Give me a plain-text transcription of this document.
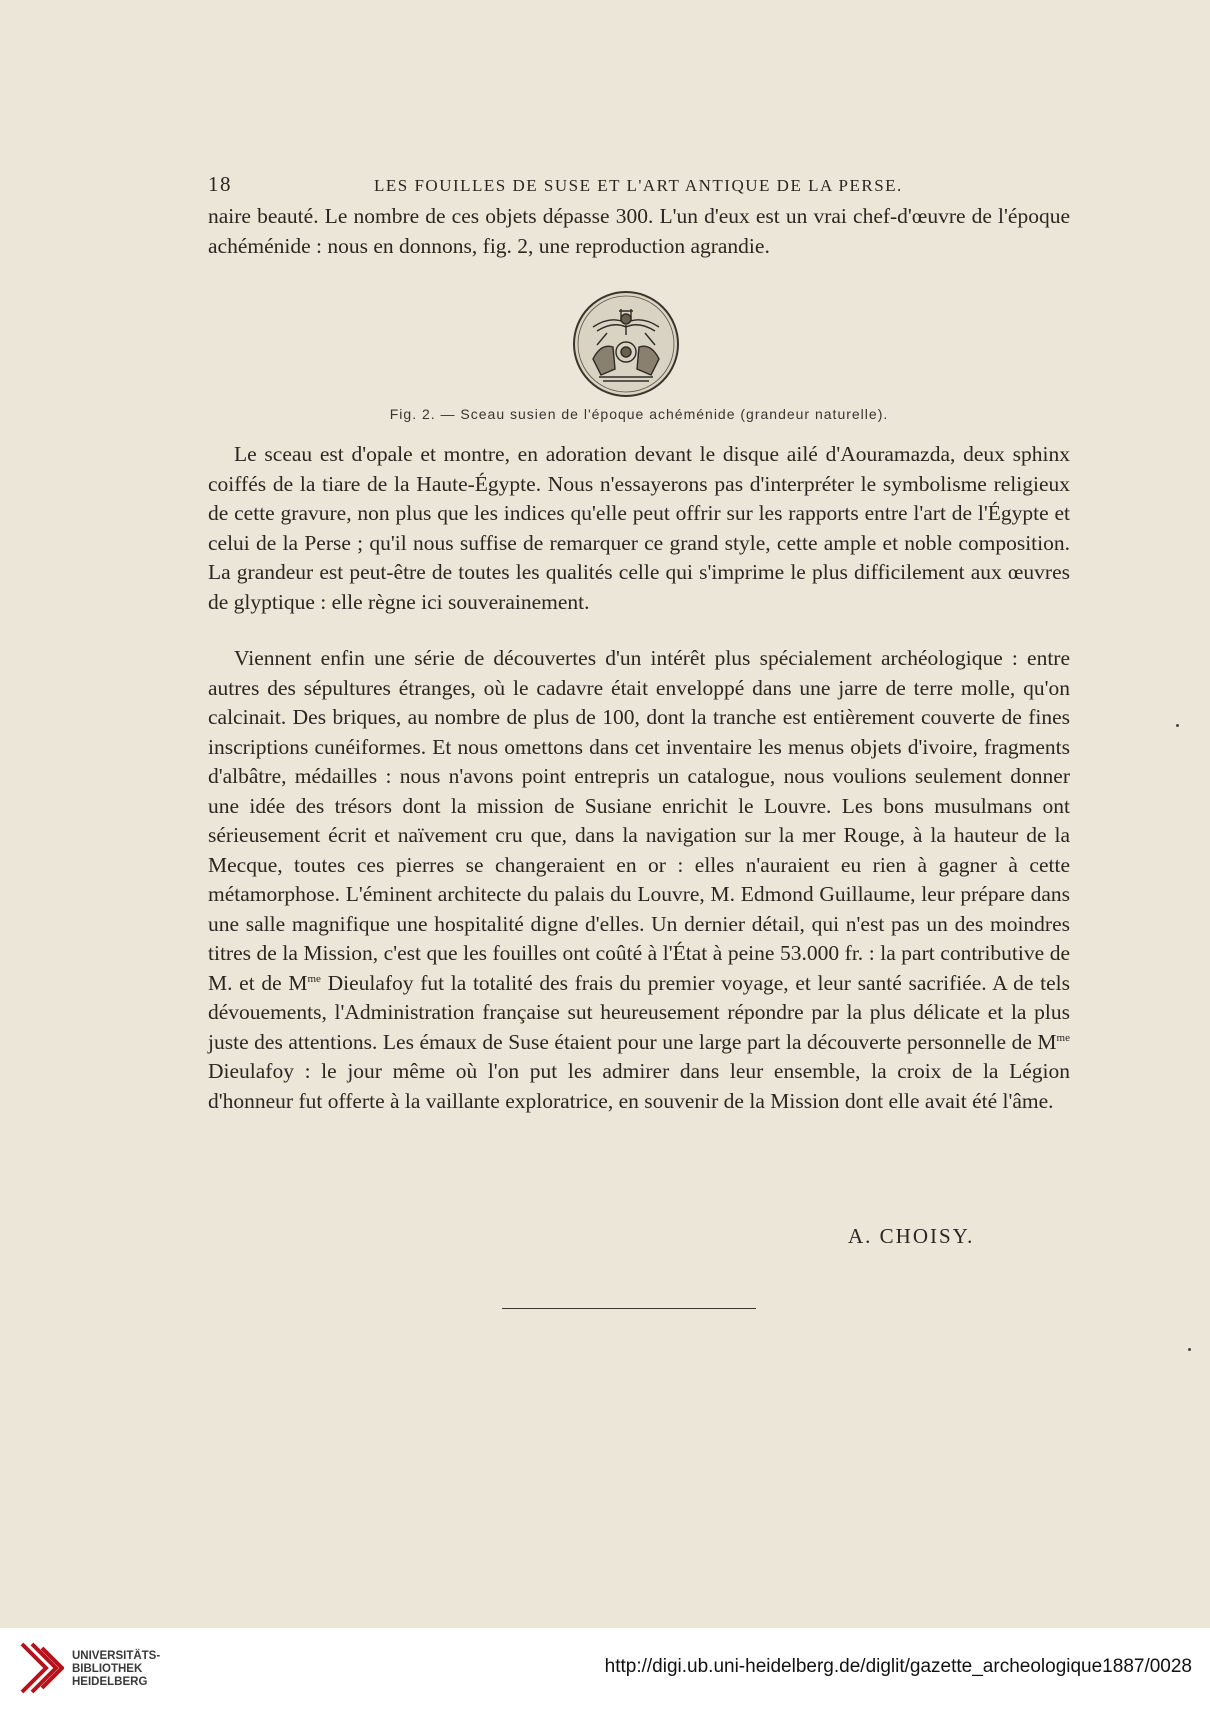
18	LES FOUILLES DE SUSE ET L'ART ANTIQUE DE LA PERSE.

naire beauté. Le nombre de ces objets dépasse 300. L'un d'eux est un vrai chef-d'œuvre de l'époque achéménide : nous en donnons, fig. 2, une reproduction agrandie.

Fig. 2. — Sceau susien de l'époque achéménide (grandeur naturelle).

Le sceau est d'opale et montre, en adoration devant le disque ailé d'Aouramazda, deux sphinx coiffés de la tiare de la Haute-Égypte. Nous n'essayerons pas d'interpréter le symbolisme religieux de cette gravure, non plus que les indices qu'elle peut offrir sur les rapports entre l'art de l'Égypte et celui de la Perse ; qu'il nous suffise de remarquer ce grand style, cette ample et noble composition. La grandeur est peut-être de toutes les qualités celle qui s'imprime le plus difficilement aux œuvres de glyptique : elle règne ici souverainement.

Viennent enfin une série de découvertes d'un intérêt plus spécialement archéologique : entre autres des sépultures étranges, où le cadavre était enveloppé dans une jarre de terre molle, qu'on calcinait. Des briques, au nombre de plus de 100, dont la tranche est entièrement couverte de fines inscriptions cunéiformes. Et nous omettons dans cet inventaire les menus objets d'ivoire, fragments d'albâtre, médailles : nous n'avons point entrepris un catalogue, nous voulions seulement donner une idée des trésors dont la mission de Susiane enrichit le Louvre. Les bons musulmans ont sérieusement écrit et naïvement cru que, dans la navigation sur la mer Rouge, à la hauteur de la Mecque, toutes ces pierres se changeraient en or : elles n'auraient eu rien à gagner à cette métamorphose. L'éminent architecte du palais du Louvre, M. Edmond Guillaume, leur prépare dans une salle magnifique une hospitalité digne d'elles. Un dernier détail, qui n'est pas un des moindres titres de la Mission, c'est que les fouilles ont coûté à l'État à peine 53.000 fr. : la part contributive de M. et de $M^{me}$ Dieulafoy fut la totalité des frais du premier voyage, et leur santé sacrifiée. A de tels dévouements, l'Administration française sut heureusement répondre par la plus délicate et la plus juste des attentions. Les émaux de Suse étaient pour une large part la découverte personnelle de $M^{me}$ Dieulafoy : le jour même où l'on put les admirer dans leur ensemble, la croix de la Légion d'honneur fut offerte à la vaillante exploratrice, en souvenir de la Mission dont elle avait été l'âme.

A. CHOISY.
UNIVERSITÄTS-
BIBLIOTHEK
HEIDELBERG
http://digi.ub.uni-heidelberg.de/diglit/gazette_archeologique1887/0028
